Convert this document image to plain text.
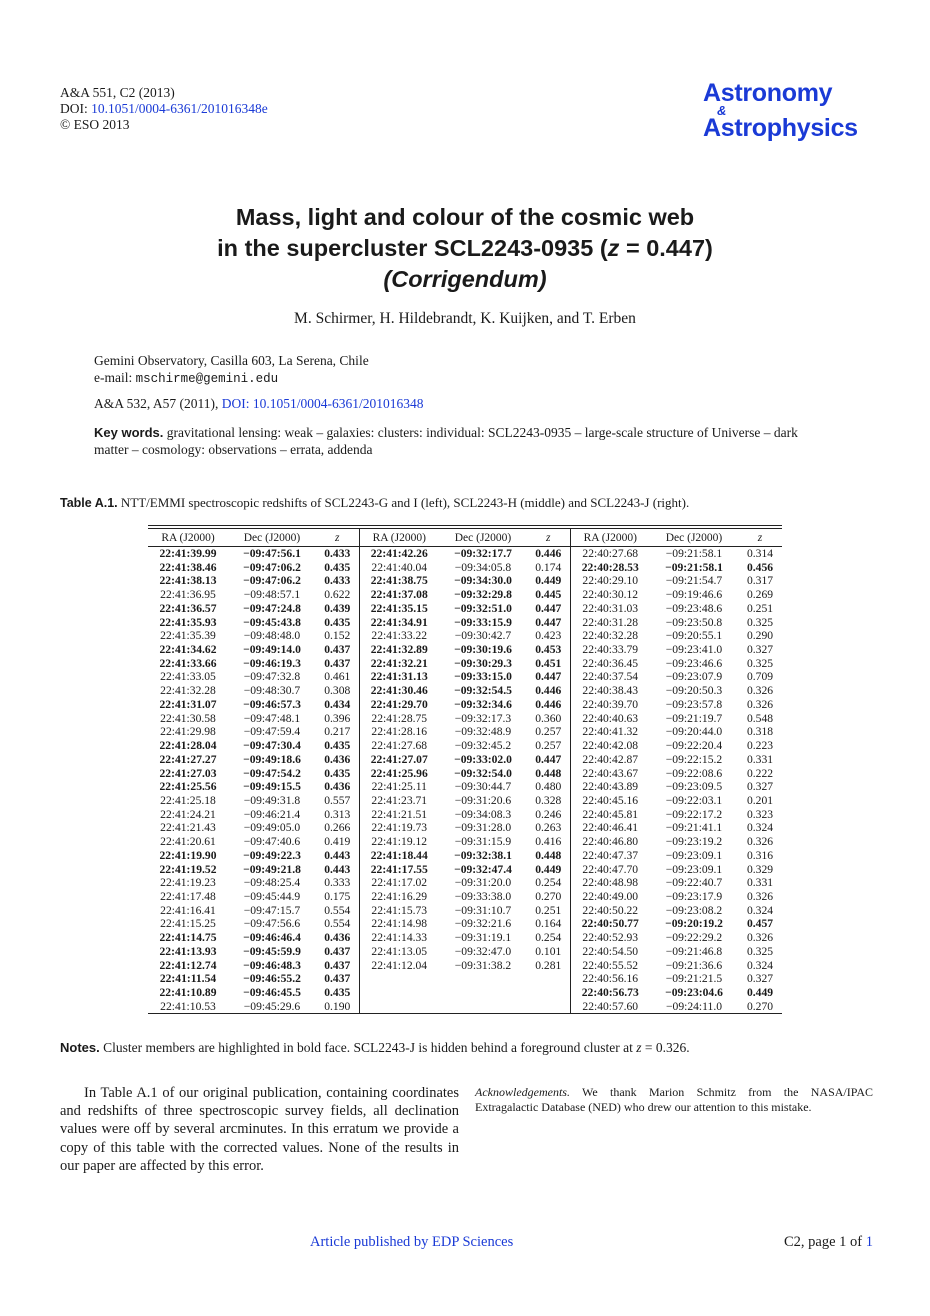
A&A 551, C2 (2013)
DOI: 10.1051/0004-6361/201016348e
© ESO 2013
Astronomy
&
Astrophysics
Mass, light and colour of the cosmic web
in the supercluster SCL2243-0935 (z = 0.447)
(Corrigendum)
M. Schirmer, H. Hildebrandt, K. Kuijken, and T. Erben
Gemini Observatory, Casilla 603, La Serena, Chile
e-mail: mschirme@gemini.edu
A&A 532, A57 (2011), DOI: 10.1051/0004-6361/201016348
Key words. gravitational lensing: weak – galaxies: clusters: individual: SCL2243-0935 – large-scale structure of Universe – dark matter – cosmology: observations – errata, addenda
Table A.1. NTT/EMMI spectroscopic redshifts of SCL2243-G and I (left), SCL2243-H (middle) and SCL2243-J (right).
RA (J2000)	Dec (J2000)	z	RA (J2000)	Dec (J2000)	z	RA (J2000)	Dec (J2000)	z
22:41:39.99	−09:47:56.1	0.433	22:41:42.26	−09:32:17.7	0.446	22:40:27.68	−09:21:58.1	0.314
22:41:38.46	−09:47:06.2	0.435	22:41:40.04	−09:34:05.8	0.174	22:40:28.53	−09:21:58.1	0.456
22:41:38.13	−09:47:06.2	0.433	22:41:38.75	−09:34:30.0	0.449	22:40:29.10	−09:21:54.7	0.317
22:41:36.95	−09:48:57.1	0.622	22:41:37.08	−09:32:29.8	0.445	22:40:30.12	−09:19:46.6	0.269
22:41:36.57	−09:47:24.8	0.439	22:41:35.15	−09:32:51.0	0.447	22:40:31.03	−09:23:48.6	0.251
22:41:35.93	−09:45:43.8	0.435	22:41:34.91	−09:33:15.9	0.447	22:40:31.28	−09:23:50.8	0.325
22:41:35.39	−09:48:48.0	0.152	22:41:33.22	−09:30:42.7	0.423	22:40:32.28	−09:20:55.1	0.290
22:41:34.62	−09:49:14.0	0.437	22:41:32.89	−09:30:19.6	0.453	22:40:33.79	−09:23:41.0	0.327
22:41:33.66	−09:46:19.3	0.437	22:41:32.21	−09:30:29.3	0.451	22:40:36.45	−09:23:46.6	0.325
22:41:33.05	−09:47:32.8	0.461	22:41:31.13	−09:33:15.0	0.447	22:40:37.54	−09:23:07.9	0.709
22:41:32.28	−09:48:30.7	0.308	22:41:30.46	−09:32:54.5	0.446	22:40:38.43	−09:20:50.3	0.326
22:41:31.07	−09:46:57.3	0.434	22:41:29.70	−09:32:34.6	0.446	22:40:39.70	−09:23:57.8	0.326
22:41:30.58	−09:47:48.1	0.396	22:41:28.75	−09:32:17.3	0.360	22:40:40.63	−09:21:19.7	0.548
22:41:29.98	−09:47:59.4	0.217	22:41:28.16	−09:32:48.9	0.257	22:40:41.32	−09:20:44.0	0.318
22:41:28.04	−09:47:30.4	0.435	22:41:27.68	−09:32:45.2	0.257	22:40:42.08	−09:22:20.4	0.223
22:41:27.27	−09:49:18.6	0.436	22:41:27.07	−09:33:02.0	0.447	22:40:42.87	−09:22:15.2	0.331
22:41:27.03	−09:47:54.2	0.435	22:41:25.96	−09:32:54.0	0.448	22:40:43.67	−09:22:08.6	0.222
22:41:25.56	−09:49:15.5	0.436	22:41:25.11	−09:30:44.7	0.480	22:40:43.89	−09:23:09.5	0.327
22:41:25.18	−09:49:31.8	0.557	22:41:23.71	−09:31:20.6	0.328	22:40:45.16	−09:22:03.1	0.201
22:41:24.21	−09:46:21.4	0.313	22:41:21.51	−09:34:08.3	0.246	22:40:45.81	−09:22:17.2	0.323
22:41:21.43	−09:49:05.0	0.266	22:41:19.73	−09:31:28.0	0.263	22:40:46.41	−09:21:41.1	0.324
22:41:20.61	−09:47:40.6	0.419	22:41:19.12	−09:31:15.9	0.416	22:40:46.80	−09:23:19.2	0.326
22:41:19.90	−09:49:22.3	0.443	22:41:18.44	−09:32:38.1	0.448	22:40:47.37	−09:23:09.1	0.316
22:41:19.52	−09:49:21.8	0.443	22:41:17.55	−09:32:47.4	0.449	22:40:47.70	−09:23:09.1	0.329
22:41:19.23	−09:48:25.4	0.333	22:41:17.02	−09:31:20.0	0.254	22:40:48.98	−09:22:40.7	0.331
22:41:17.48	−09:45:44.9	0.175	22:41:16.29	−09:33:38.0	0.270	22:40:49.00	−09:23:17.9	0.326
22:41:16.41	−09:47:15.7	0.554	22:41:15.73	−09:31:10.7	0.251	22:40:50.22	−09:23:08.2	0.324
22:41:15.25	−09:47:56.6	0.554	22:41:14.98	−09:32:21.6	0.164	22:40:50.77	−09:20:19.2	0.457
22:41:14.75	−09:46:46.4	0.436	22:41:14.33	−09:31:19.1	0.254	22:40:52.93	−09:22:29.2	0.326
22:41:13.93	−09:45:59.9	0.437	22:41:13.05	−09:32:47.0	0.101	22:40:54.50	−09:21:46.8	0.325
22:41:12.74	−09:46:48.3	0.437	22:41:12.04	−09:31:38.2	0.281	22:40:55.52	−09:21:36.6	0.324
22:41:11.54	−09:46:55.2	0.437				22:40:56.16	−09:21:21.5	0.327
22:41:10.89	−09:46:45.5	0.435				22:40:56.73	−09:23:04.6	0.449
22:41:10.53	−09:45:29.6	0.190				22:40:57.60	−09:24:11.0	0.270
Notes. Cluster members are highlighted in bold face. SCL2243-J is hidden behind a foreground cluster at z = 0.326.
In Table A.1 of our original publication, containing coordinates and redshifts of three spectroscopic survey fields, all declination values were off by several arcminutes. In this erratum we provide a copy of this table with the corrected values. None of the results in our paper are affected by this error.
Acknowledgements. We thank Marion Schmitz from the NASA/IPAC Extragalactic Database (NED) who drew our attention to this mistake.
Article published by EDP Sciences	C2, page 1 of 1
